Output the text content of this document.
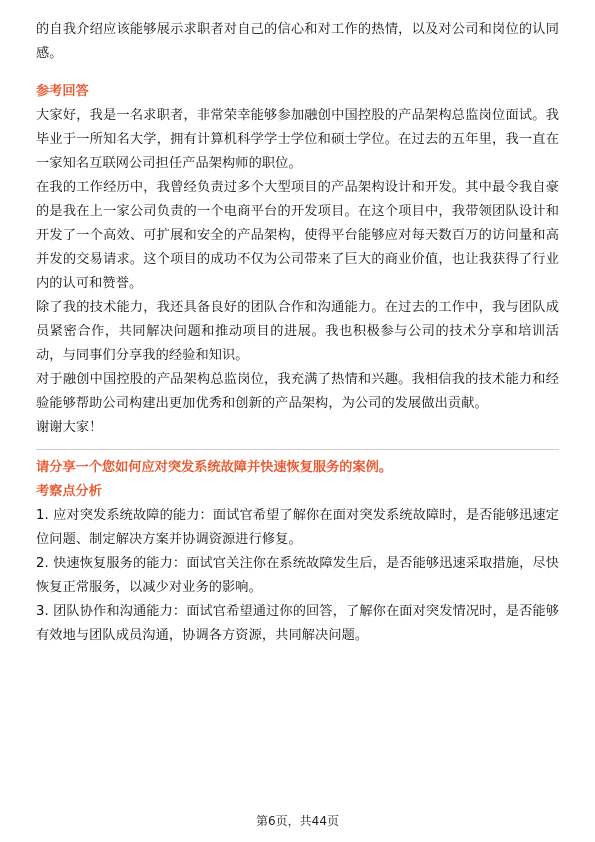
的自我介绍应该能够展示求职者对自己的信心和对工作的热情，以及对公司和岗位的认同感。

参考回答

大家好，我是一名求职者，非常荣幸能够参加融创中国控股的产品架构总监岗位面试。我毕业于一所知名大学，拥有计算机科学学士学位和硕士学位。在过去的五年里，我一直在一家知名互联网公司担任产品架构师的职位。

在我的工作经历中，我曾经负责过多个大型项目的产品架构设计和开发。其中最令我自豪的是我在上一家公司负责的一个电商平台的开发项目。在这个项目中，我带领团队设计和开发了一个高效、可扩展和安全的产品架构，使得平台能够应对每天数百万的访问量和高并发的交易请求。这个项目的成功不仅为公司带来了巨大的商业价值，也让我获得了行业内的认可和赞誉。

除了我的技术能力，我还具备良好的团队合作和沟通能力。在过去的工作中，我与团队成员紧密合作，共同解决问题和推动项目的进展。我也积极参与公司的技术分享和培训活动，与同事们分享我的经验和知识。

对于融创中国控股的产品架构总监岗位，我充满了热情和兴趣。我相信我的技术能力和经验能够帮助公司构建出更加优秀和创新的产品架构，为公司的发展做出贡献。

谢谢大家！

请分享一个您如何应对突发系统故障并快速恢复服务的案例。

考察点分析

1. 应对突发系统故障的能力：面试官希望了解你在面对突发系统故障时，是否能够迅速定位问题、制定解决方案并协调资源进行修复。

2. 快速恢复服务的能力：面试官关注你在系统故障发生后，是否能够迅速采取措施，尽快恢复正常服务，以减少对业务的影响。

3. 团队协作和沟通能力：面试官希望通过你的回答，了解你在面对突发情况时，是否能够有效地与团队成员沟通，协调各方资源，共同解决问题。

第6页，共44页
